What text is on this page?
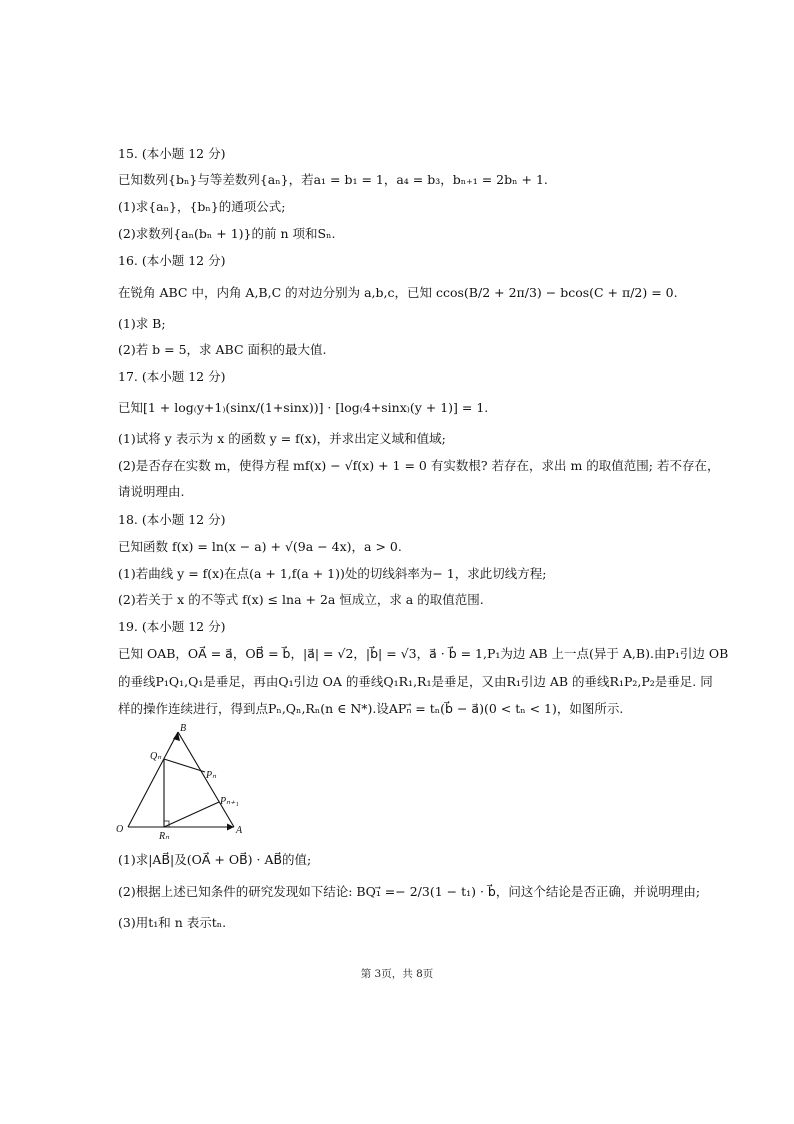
15. (本小题 12 分)
已知数列{bₙ}与等差数列{aₙ}，若a₁ = b₁ = 1，a₄ = b₃，bₙ₊₁ = 2bₙ + 1.
(1)求{aₙ}，{bₙ}的通项公式;
(2)求数列{aₙ(bₙ + 1)}的前 n 项和Sₙ.
16. (本小题 12 分)
在锐角 ABC 中，内角 A,B,C 的对边分别为 a,b,c，已知 ccos(B/2 + 2π/3) − bcos(C + π/2) = 0.
(1)求 B;
(2)若 b = 5，求 ABC 面积的最大值.
17. (本小题 12 分)
已知[1 + log₍y+1₎(sinx/(1+sinx))] · [log₍4+sinx₎(y + 1)] = 1.
(1)试将 y 表示为 x 的函数 y = f(x)，并求出定义域和值域;
(2)是否存在实数 m，使得方程 mf(x) − √f(x) + 1 = 0 有实数根? 若存在，求出 m 的取值范围; 若不存在，
请说明理由.
18. (本小题 12 分)
已知函数 f(x) = ln(x − a) + √(9a − 4x)，a > 0.
(1)若曲线 y = f(x)在点(a + 1,f(a + 1))处的切线斜率为− 1，求此切线方程;
(2)若关于 x 的不等式 f(x) ≤ lna + 2a 恒成立，求 a 的取值范围.
19. (本小题 12 分)
已知 OAB，OA⃗ = a⃗，OB⃗ = b⃗，|a⃗| = √2，|b⃗| = √3，a⃗ · b⃗ = 1,P₁为边 AB 上一点(异于 A,B).由P₁引边 OB
的垂线P₁Q₁,Q₁是垂足，再由Q₁引边 OA 的垂线Q₁R₁,R₁是垂足，又由R₁引边 AB 的垂线R₁P₂,P₂是垂足. 同
样的操作连续进行，得到点Pₙ,Qₙ,Rₙ(n ∈ N*).设APₙ⃗ = tₙ(b⃗ − a⃗)(0 < tₙ < 1)，如图所示.
O	A
B
Qₙ
Pₙ
Pₙ₊₁
Rₙ
(1)求|AB⃗|及(OA⃗ + OB⃗) · AB⃗的值;
(2)根据上述已知条件的研究发现如下结论: BQ₁⃗ =− 2/3(1 − t₁) · b⃗，问这个结论是否正确，并说明理由;
(3)用t₁和 n 表示tₙ.
第 3页，共 8页
